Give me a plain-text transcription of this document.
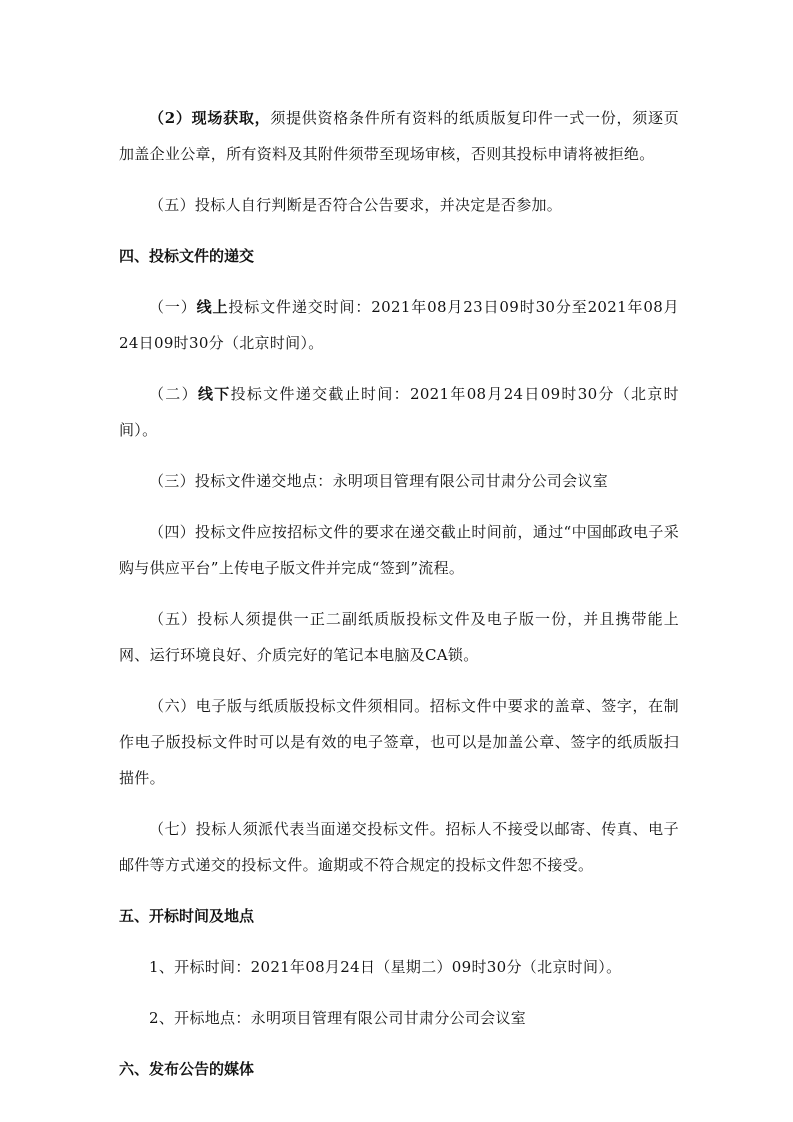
（2）现场获取，须提供资格条件所有资料的纸质版复印件一式一份，须逐页加盖企业公章，所有资料及其附件须带至现场审核，否则其投标申请将被拒绝。

（五）投标人自行判断是否符合公告要求，并决定是否参加。

四、投标文件的递交

（一）线上投标文件递交时间：2021年08月23日09时30分至2021年08月24日09时30分（北京时间）。

（二）线下投标文件递交截止时间：2021年08月24日09时30分（北京时间）。

（三）投标文件递交地点：永明项目管理有限公司甘肃分公司会议室

（四）投标文件应按招标文件的要求在递交截止时间前，通过“中国邮政电子采购与供应平台”上传电子版文件并完成“签到”流程。

（五）投标人须提供一正二副纸质版投标文件及电子版一份，并且携带能上网、运行环境良好、介质完好的笔记本电脑及CA锁。

（六）电子版与纸质版投标文件须相同。招标文件中要求的盖章、签字，在制作电子版投标文件时可以是有效的电子签章，也可以是加盖公章、签字的纸质版扫描件。

（七）投标人须派代表当面递交投标文件。招标人不接受以邮寄、传真、电子邮件等方式递交的投标文件。逾期或不符合规定的投标文件恕不接受。

五、开标时间及地点

1、开标时间：2021年08月24日（星期二）09时30分（北京时间）。

2、开标地点：永明项目管理有限公司甘肃分公司会议室

六、发布公告的媒体
